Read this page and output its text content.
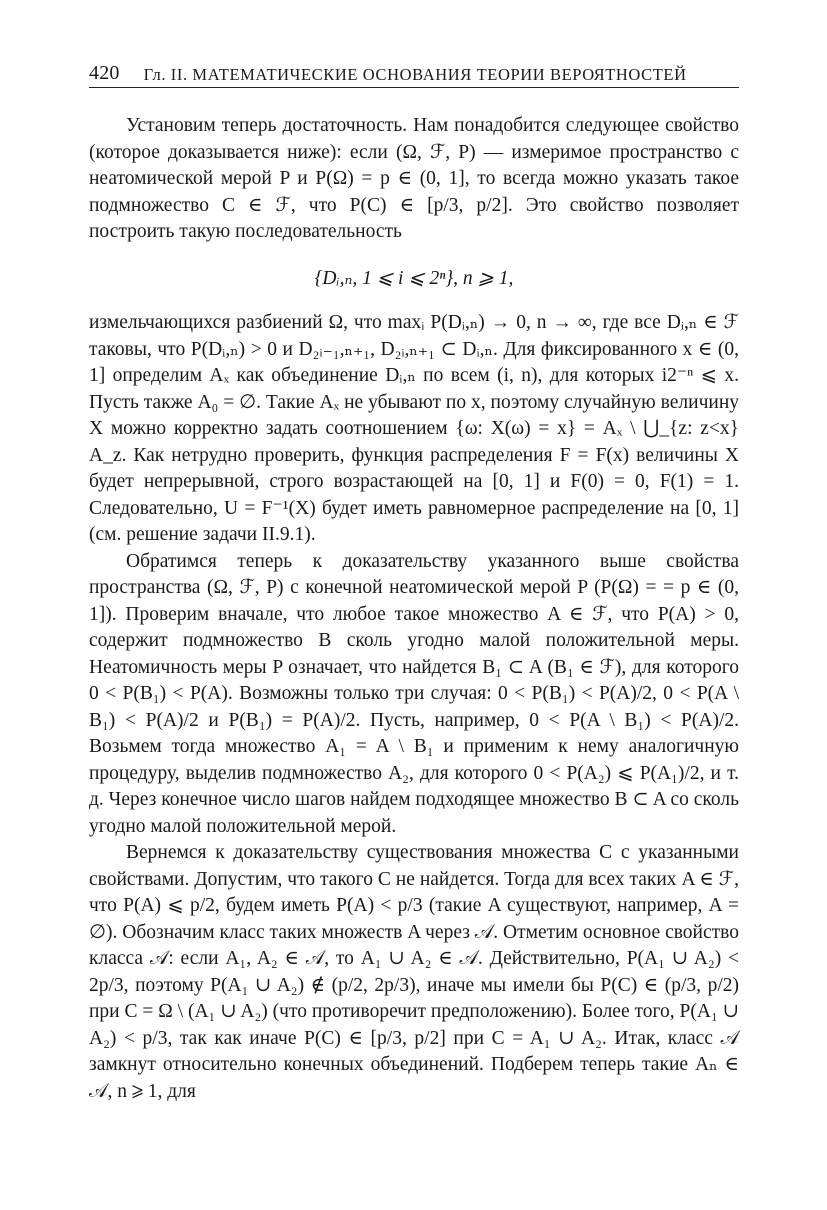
420 Гл. II. МАТЕМАТИЧЕСКИЕ ОСНОВАНИЯ ТЕОРИИ ВЕРОЯТНОСТЕЙ

Установим теперь достаточность. Нам понадобится следующее свойство (которое доказывается ниже): если (Ω, ℱ, P) — измеримое пространство с неатомической мерой P и P(Ω) = p ∈ (0, 1], то всегда можно указать такое подмножество C ∈ ℱ, что P(C) ∈ [p/3, p/2]. Это свойство позволяет построить такую последовательность

{Dᵢ,ₙ, 1 ⩽ i ⩽ 2ⁿ}, n ⩾ 1,

измельчающихся разбиений Ω, что maxᵢ P(Dᵢ,ₙ) → 0, n → ∞, где все Dᵢ,ₙ ∈ ℱ таковы, что P(Dᵢ,ₙ) > 0 и D₂ᵢ₋₁,ₙ₊₁, D₂ᵢ,ₙ₊₁ ⊂ Dᵢ,ₙ. Для фиксированного x ∈ (0, 1] определим Aₓ как объединение Dᵢ,ₙ по всем (i, n), для которых i2⁻ⁿ ⩽ x. Пусть также A₀ = ∅. Такие Aₓ не убывают по x, поэтому случайную величину X можно корректно задать соотношением {ω: X(ω) = x} = Aₓ \ ⋃_{z: z<x} A_z. Как нетрудно проверить, функция распределения F = F(x) величины X будет непрерывной, строго возрастающей на [0, 1] и F(0) = 0, F(1) = 1. Следовательно, U = F⁻¹(X) будет иметь равномерное распределение на [0, 1] (см. решение задачи II.9.1).

Обратимся теперь к доказательству указанного выше свойства пространства (Ω, ℱ, P) с конечной неатомической мерой P (P(Ω) = = p ∈ (0, 1]). Проверим вначале, что любое такое множество A ∈ ℱ, что P(A) > 0, содержит подмножество B сколь угодно малой положительной меры. Неатомичность меры P означает, что найдется B₁ ⊂ A (B₁ ∈ ℱ), для которого 0 < P(B₁) < P(A). Возможны только три случая: 0 < P(B₁) < P(A)/2, 0 < P(A \ B₁) < P(A)/2 и P(B₁) = P(A)/2. Пусть, например, 0 < P(A \ B₁) < P(A)/2. Возьмем тогда множество A₁ = A \ B₁ и применим к нему аналогичную процедуру, выделив подмножество A₂, для которого 0 < P(A₂) ⩽ P(A₁)/2, и т. д. Через конечное число шагов найдем подходящее множество B ⊂ A со сколь угодно малой положительной мерой.

Вернемся к доказательству существования множества C с указанными свойствами. Допустим, что такого C не найдется. Тогда для всех таких A ∈ ℱ, что P(A) ⩽ p/2, будем иметь P(A) < p/3 (такие A существуют, например, A = ∅). Обозначим класс таких множеств A через 𝒜. Отметим основное свойство класса 𝒜: если A₁, A₂ ∈ 𝒜, то A₁ ∪ A₂ ∈ 𝒜. Действительно, P(A₁ ∪ A₂) < 2p/3, поэтому P(A₁ ∪ A₂) ∉ (p/2, 2p/3), иначе мы имели бы P(C) ∈ (p/3, p/2) при C = Ω \ (A₁ ∪ A₂) (что противоречит предположению). Более того, P(A₁ ∪ A₂) < p/3, так как иначе P(C) ∈ [p/3, p/2] при C = A₁ ∪ A₂. Итак, класс 𝒜 замкнут относительно конечных объединений. Подберем теперь такие Aₙ ∈ 𝒜, n ⩾ 1, для
